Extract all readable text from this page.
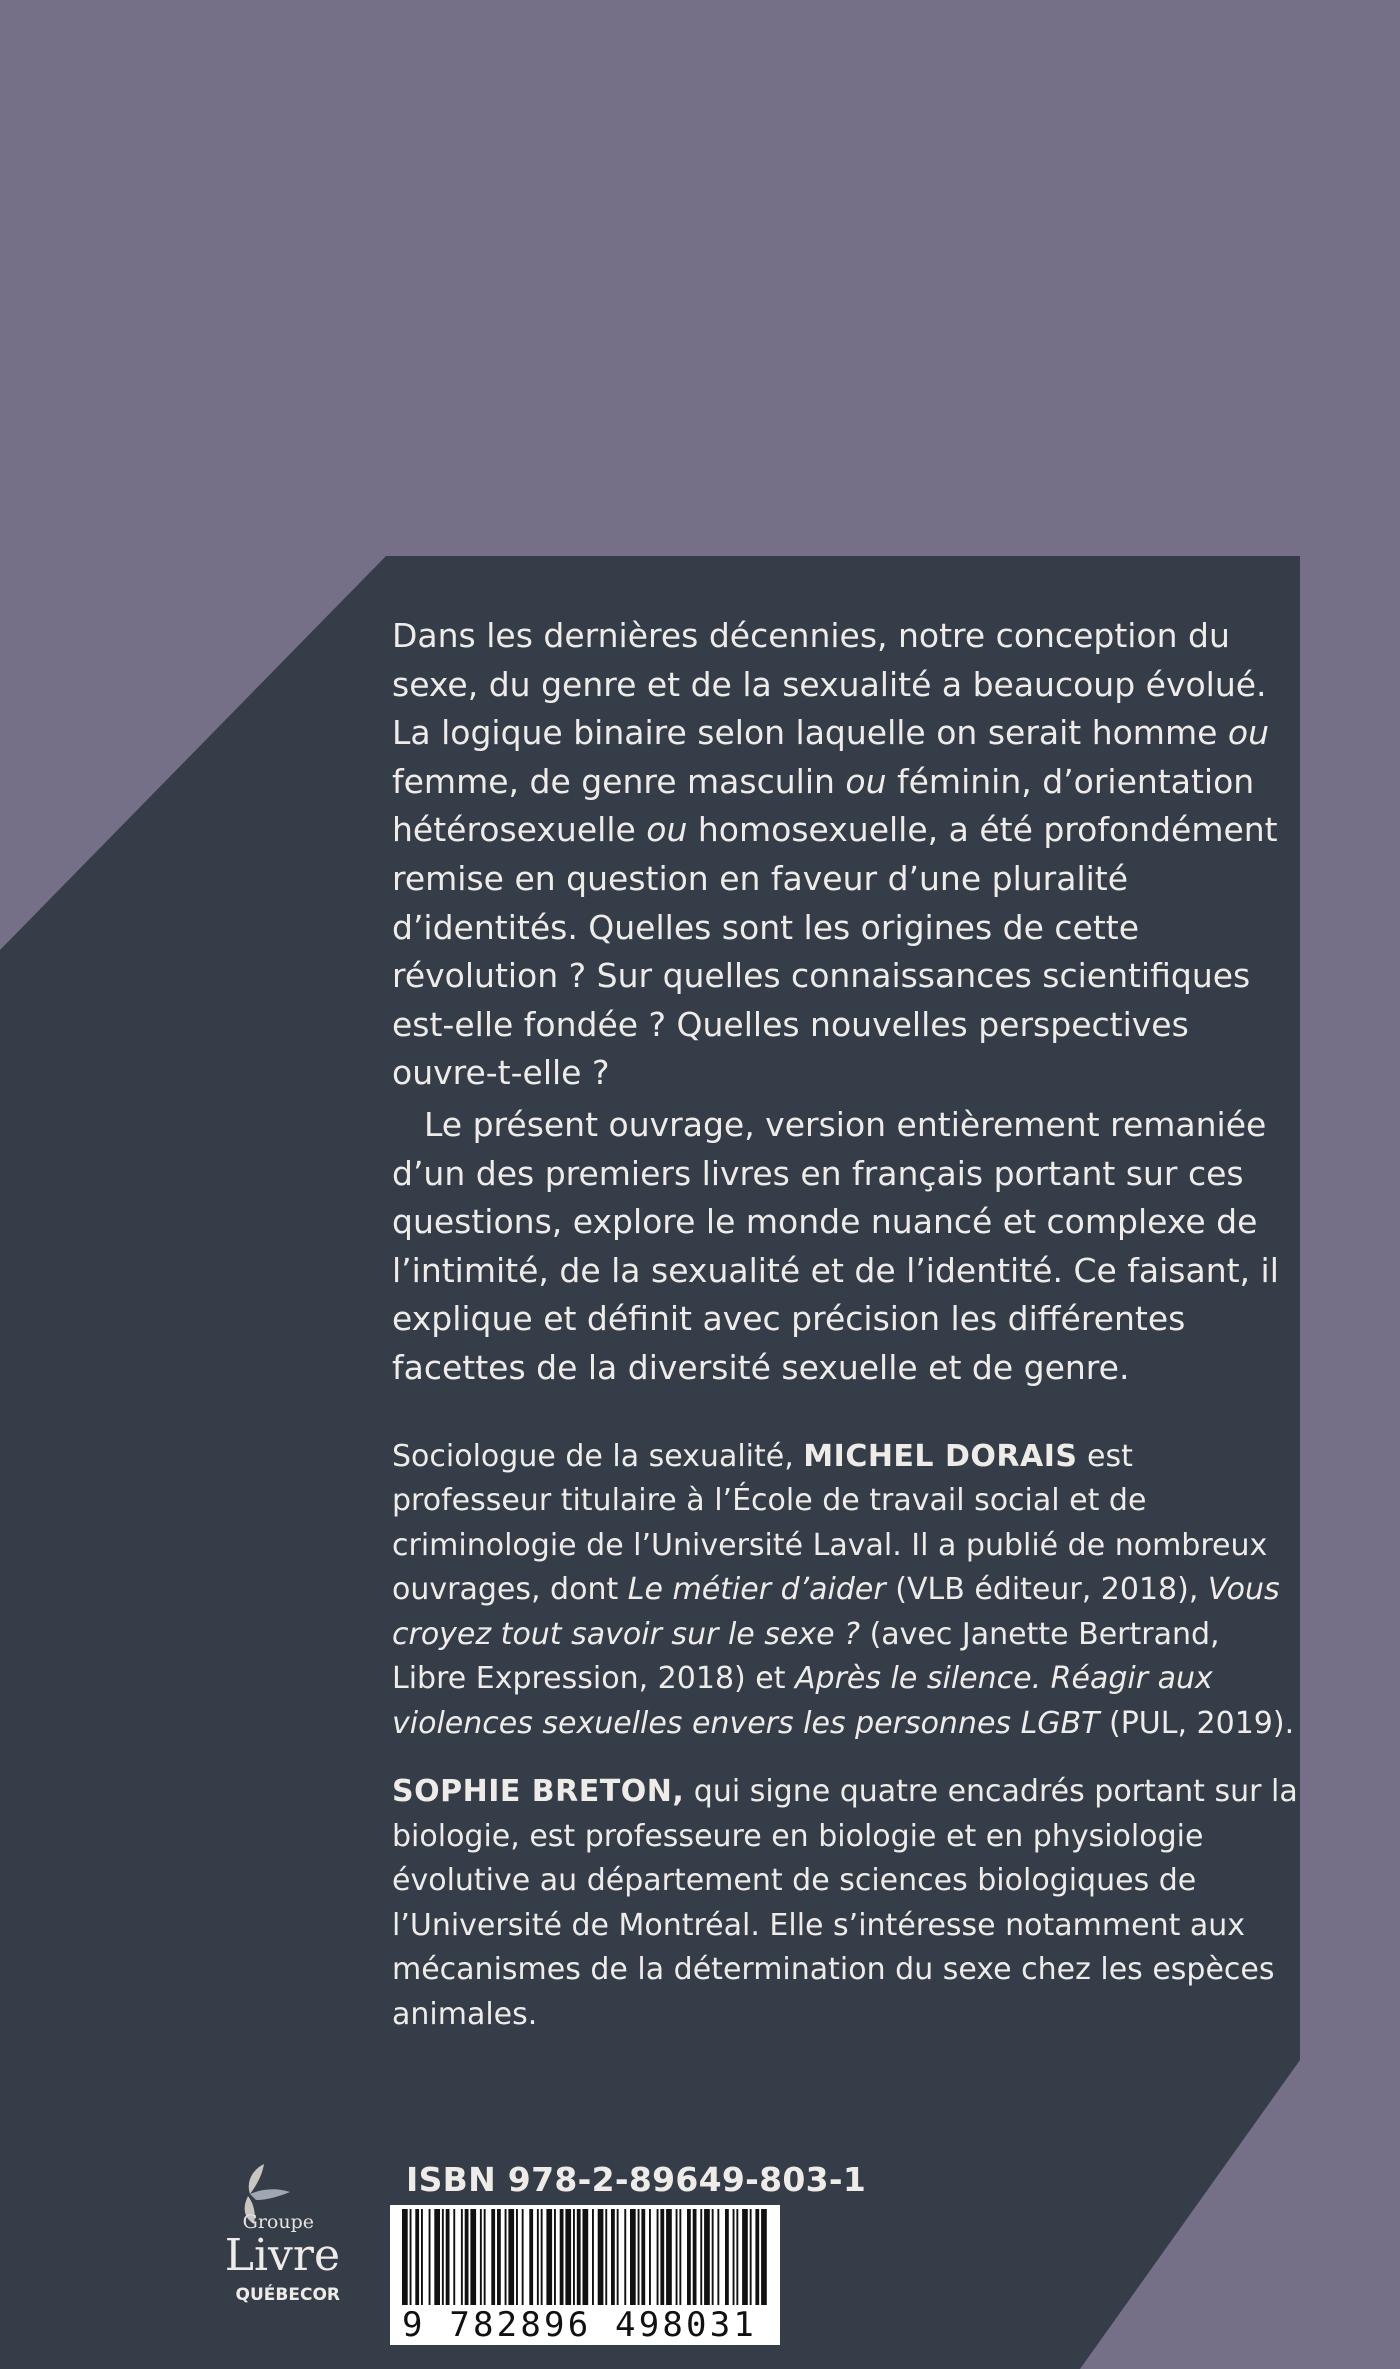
Dans les dernières décennies, notre conception du sexe, du genre et de la sexualité a beaucoup évolué. La logique binaire selon laquelle on serait homme ou femme, de genre masculin ou féminin, d’orientation hétérosexuelle ou homosexuelle, a été profondément remise en question en faveur d’une pluralité d’identités. Quelles sont les origines de cette révolution ? Sur quelles connaissances scientifiques est-elle fondée ? Quelles nouvelles perspectives ouvre-t-elle ?

Le présent ouvrage, version entièrement remaniée d’un des premiers livres en français portant sur ces questions, explore le monde nuancé et complexe de l’intimité, de la sexualité et de l’identité. Ce faisant, il explique et définit avec précision les différentes facettes de la diversité sexuelle et de genre.

Sociologue de la sexualité, MICHEL DORAIS est professeur titulaire à l’École de travail social et de criminologie de l’Université Laval. Il a publié de nombreux ouvrages, dont Le métier d’aider (VLB éditeur, 2018), Vous croyez tout savoir sur le sexe ? (avec Janette Bertrand, Libre Expression, 2018) et Après le silence. Réagir aux violences sexuelles envers les personnes LGBT (PUL, 2019).

SOPHIE BRETON, qui signe quatre encadrés portant sur la biologie, est professeure en biologie et en physiologie évolutive au département de sciences biologiques de l’Université de Montréal. Elle s’intéresse notamment aux mécanismes de la détermination du sexe chez les espèces animales.

Groupe
Livre
QUÉBECOR
ISBN 978-2-89649-803-1
9 782896 498031
